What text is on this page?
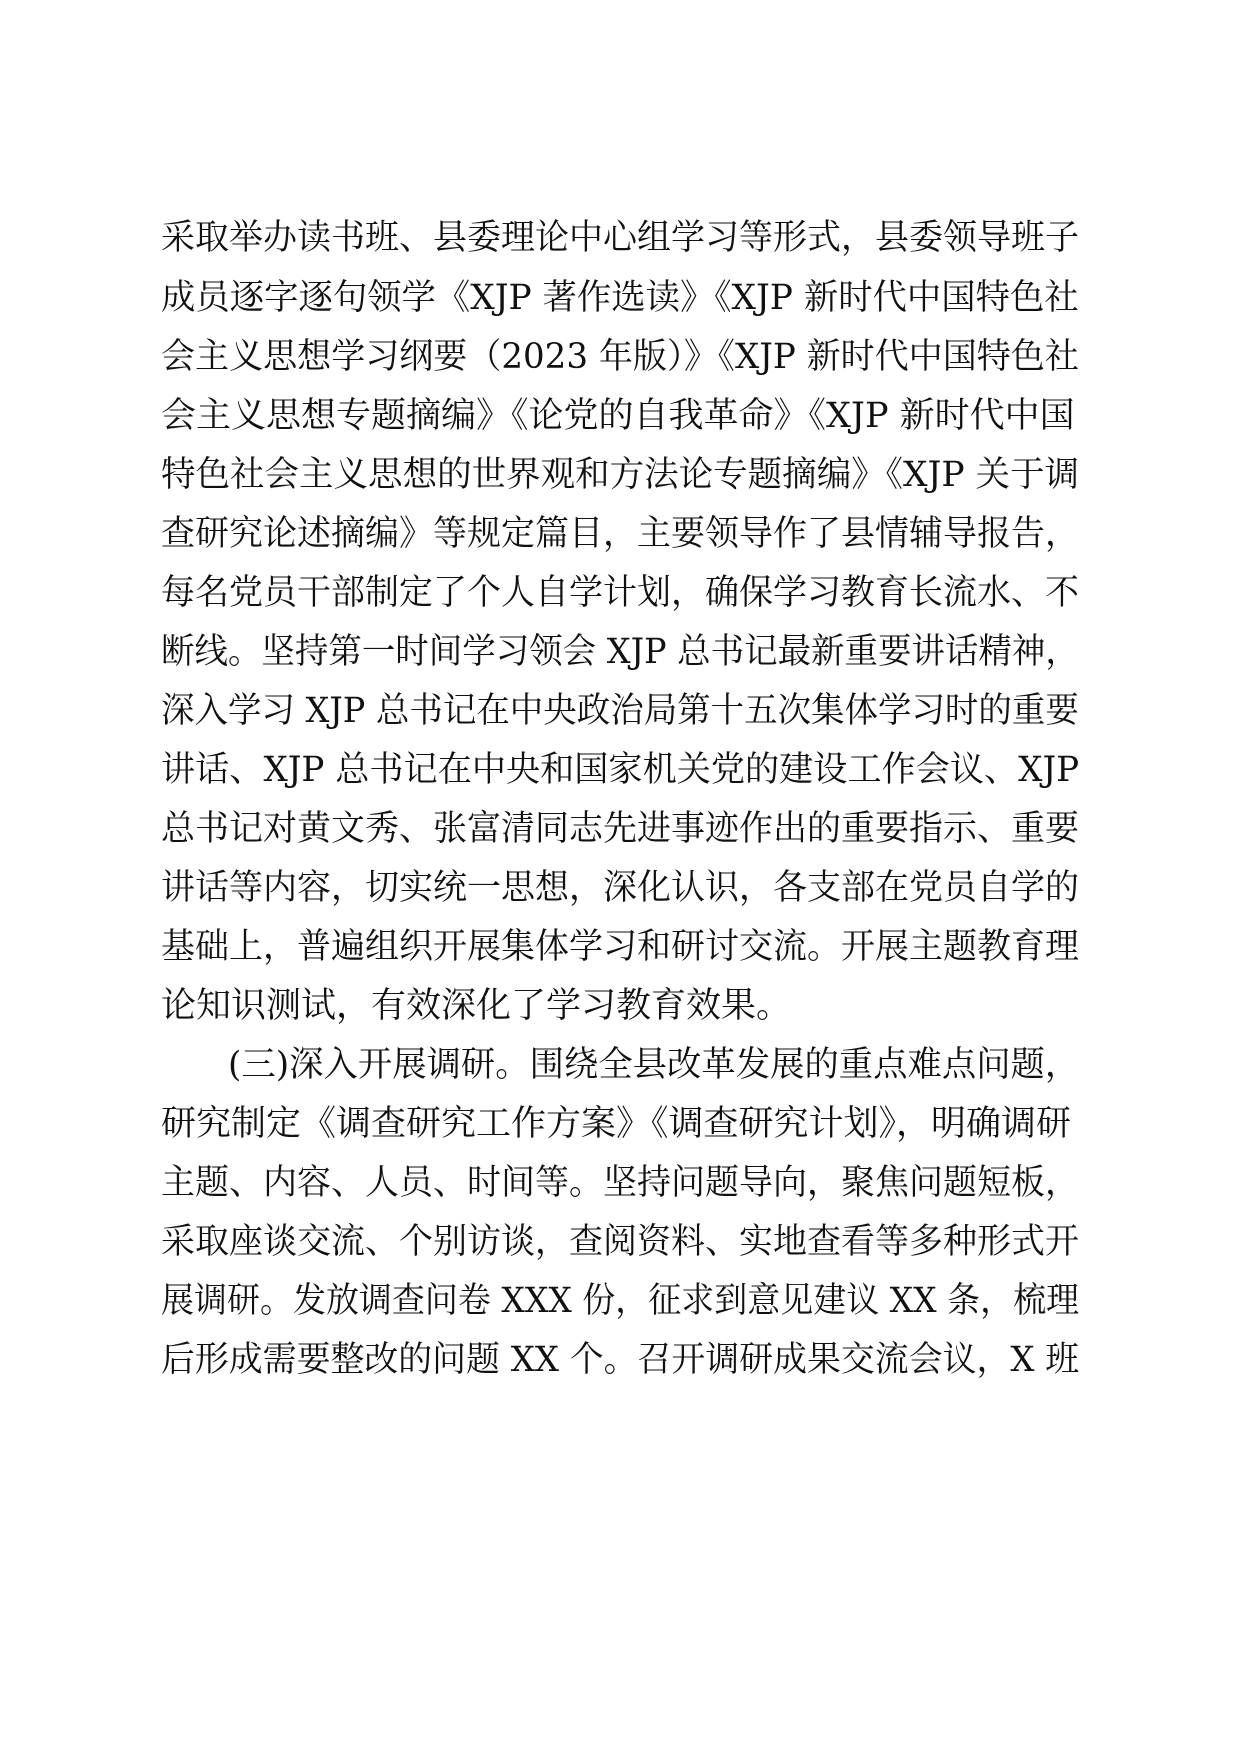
采取举办读书班、县委理论中心组学习等形式，县委领导班子
成员逐字逐句领学《XJP 著作选读》《XJP 新时代中国特色社
会主义思想学习纲要（2023 年版）》《XJP 新时代中国特色社
会主义思想专题摘编》《论党的自我革命》《XJP 新时代中国
特色社会主义思想的世界观和方法论专题摘编》《XJP 关于调
查研究论述摘编》等规定篇目，主要领导作了县情辅导报告，
每名党员干部制定了个人自学计划，确保学习教育长流水、不
断线。坚持第一时间学习领会 XJP 总书记最新重要讲话精神，
深入学习 XJP 总书记在中央政治局第十五次集体学习时的重要
讲话、XJP 总书记在中央和国家机关党的建设工作会议、XJP
总书记对黄文秀、张富清同志先进事迹作出的重要指示、重要
讲话等内容，切实统一思想，深化认识，各支部在党员自学的
基础上，普遍组织开展集体学习和研讨交流。开展主题教育理
论知识测试，有效深化了学习教育效果。
(三)深入开展调研。围绕全县改革发展的重点难点问题，
研究制定《调查研究工作方案》《调查研究计划》，明确调研
主题、内容、人员、时间等。坚持问题导向，聚焦问题短板，
采取座谈交流、个别访谈，查阅资料、实地查看等多种形式开
展调研。发放调查问卷 XXX 份，征求到意见建议 XX 条，梳理
后形成需要整改的问题 XX 个。召开调研成果交流会议，X 班
